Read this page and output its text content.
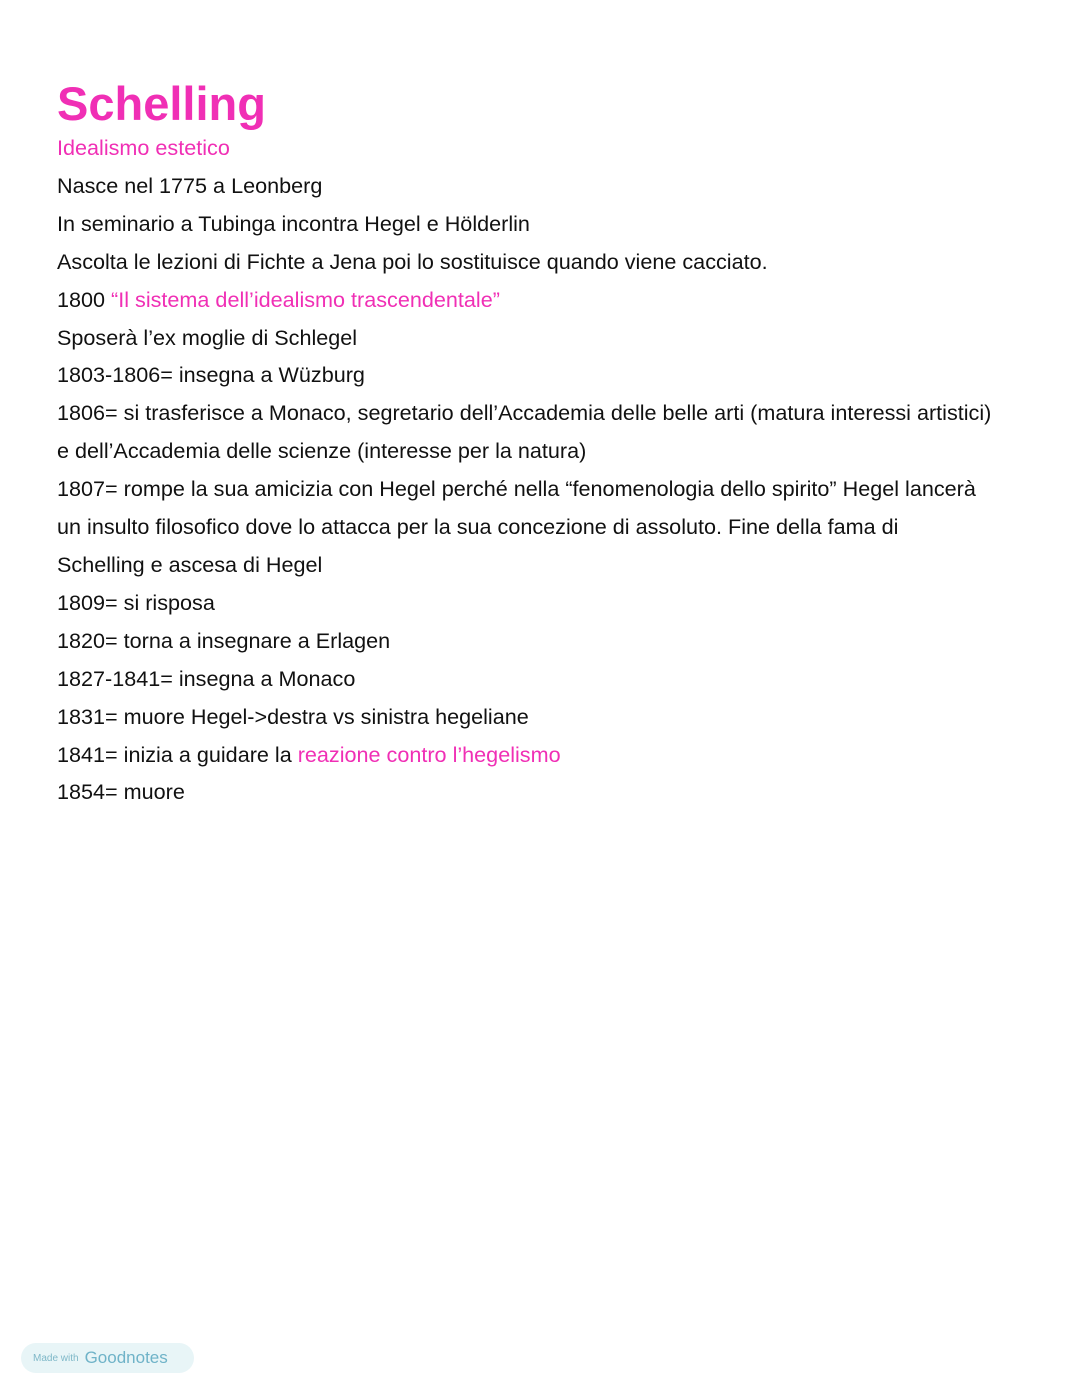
Schelling

Idealismo estetico

Nasce nel 1775 a Leonberg

In seminario a Tubinga incontra Hegel e Hölderlin

Ascolta le lezioni di Fichte a Jena poi lo sostituisce quando viene cacciato.

1800 “Il sistema dell’idealismo trascendentale”

Sposerà l’ex moglie di Schlegel

1803-1806= insegna a Wüzburg

1806= si trasferisce a Monaco, segretario dell’Accademia delle belle arti (matura interessi artistici) e dell’Accademia delle scienze (interesse per la natura)

1807= rompe la sua amicizia con Hegel perché nella “fenomenologia dello spirito” Hegel lancerà un insulto filosofico dove lo attacca per la sua concezione di assoluto. Fine della fama di Schelling e ascesa di Hegel

1809= si risposa

1820= torna a insegnare a Erlagen

1827-1841= insegna a Monaco

1831= muore Hegel->destra vs sinistra hegeliane

1841= inizia a guidare la reazione contro l’hegelismo

1854= muore

Made with Goodnotes
